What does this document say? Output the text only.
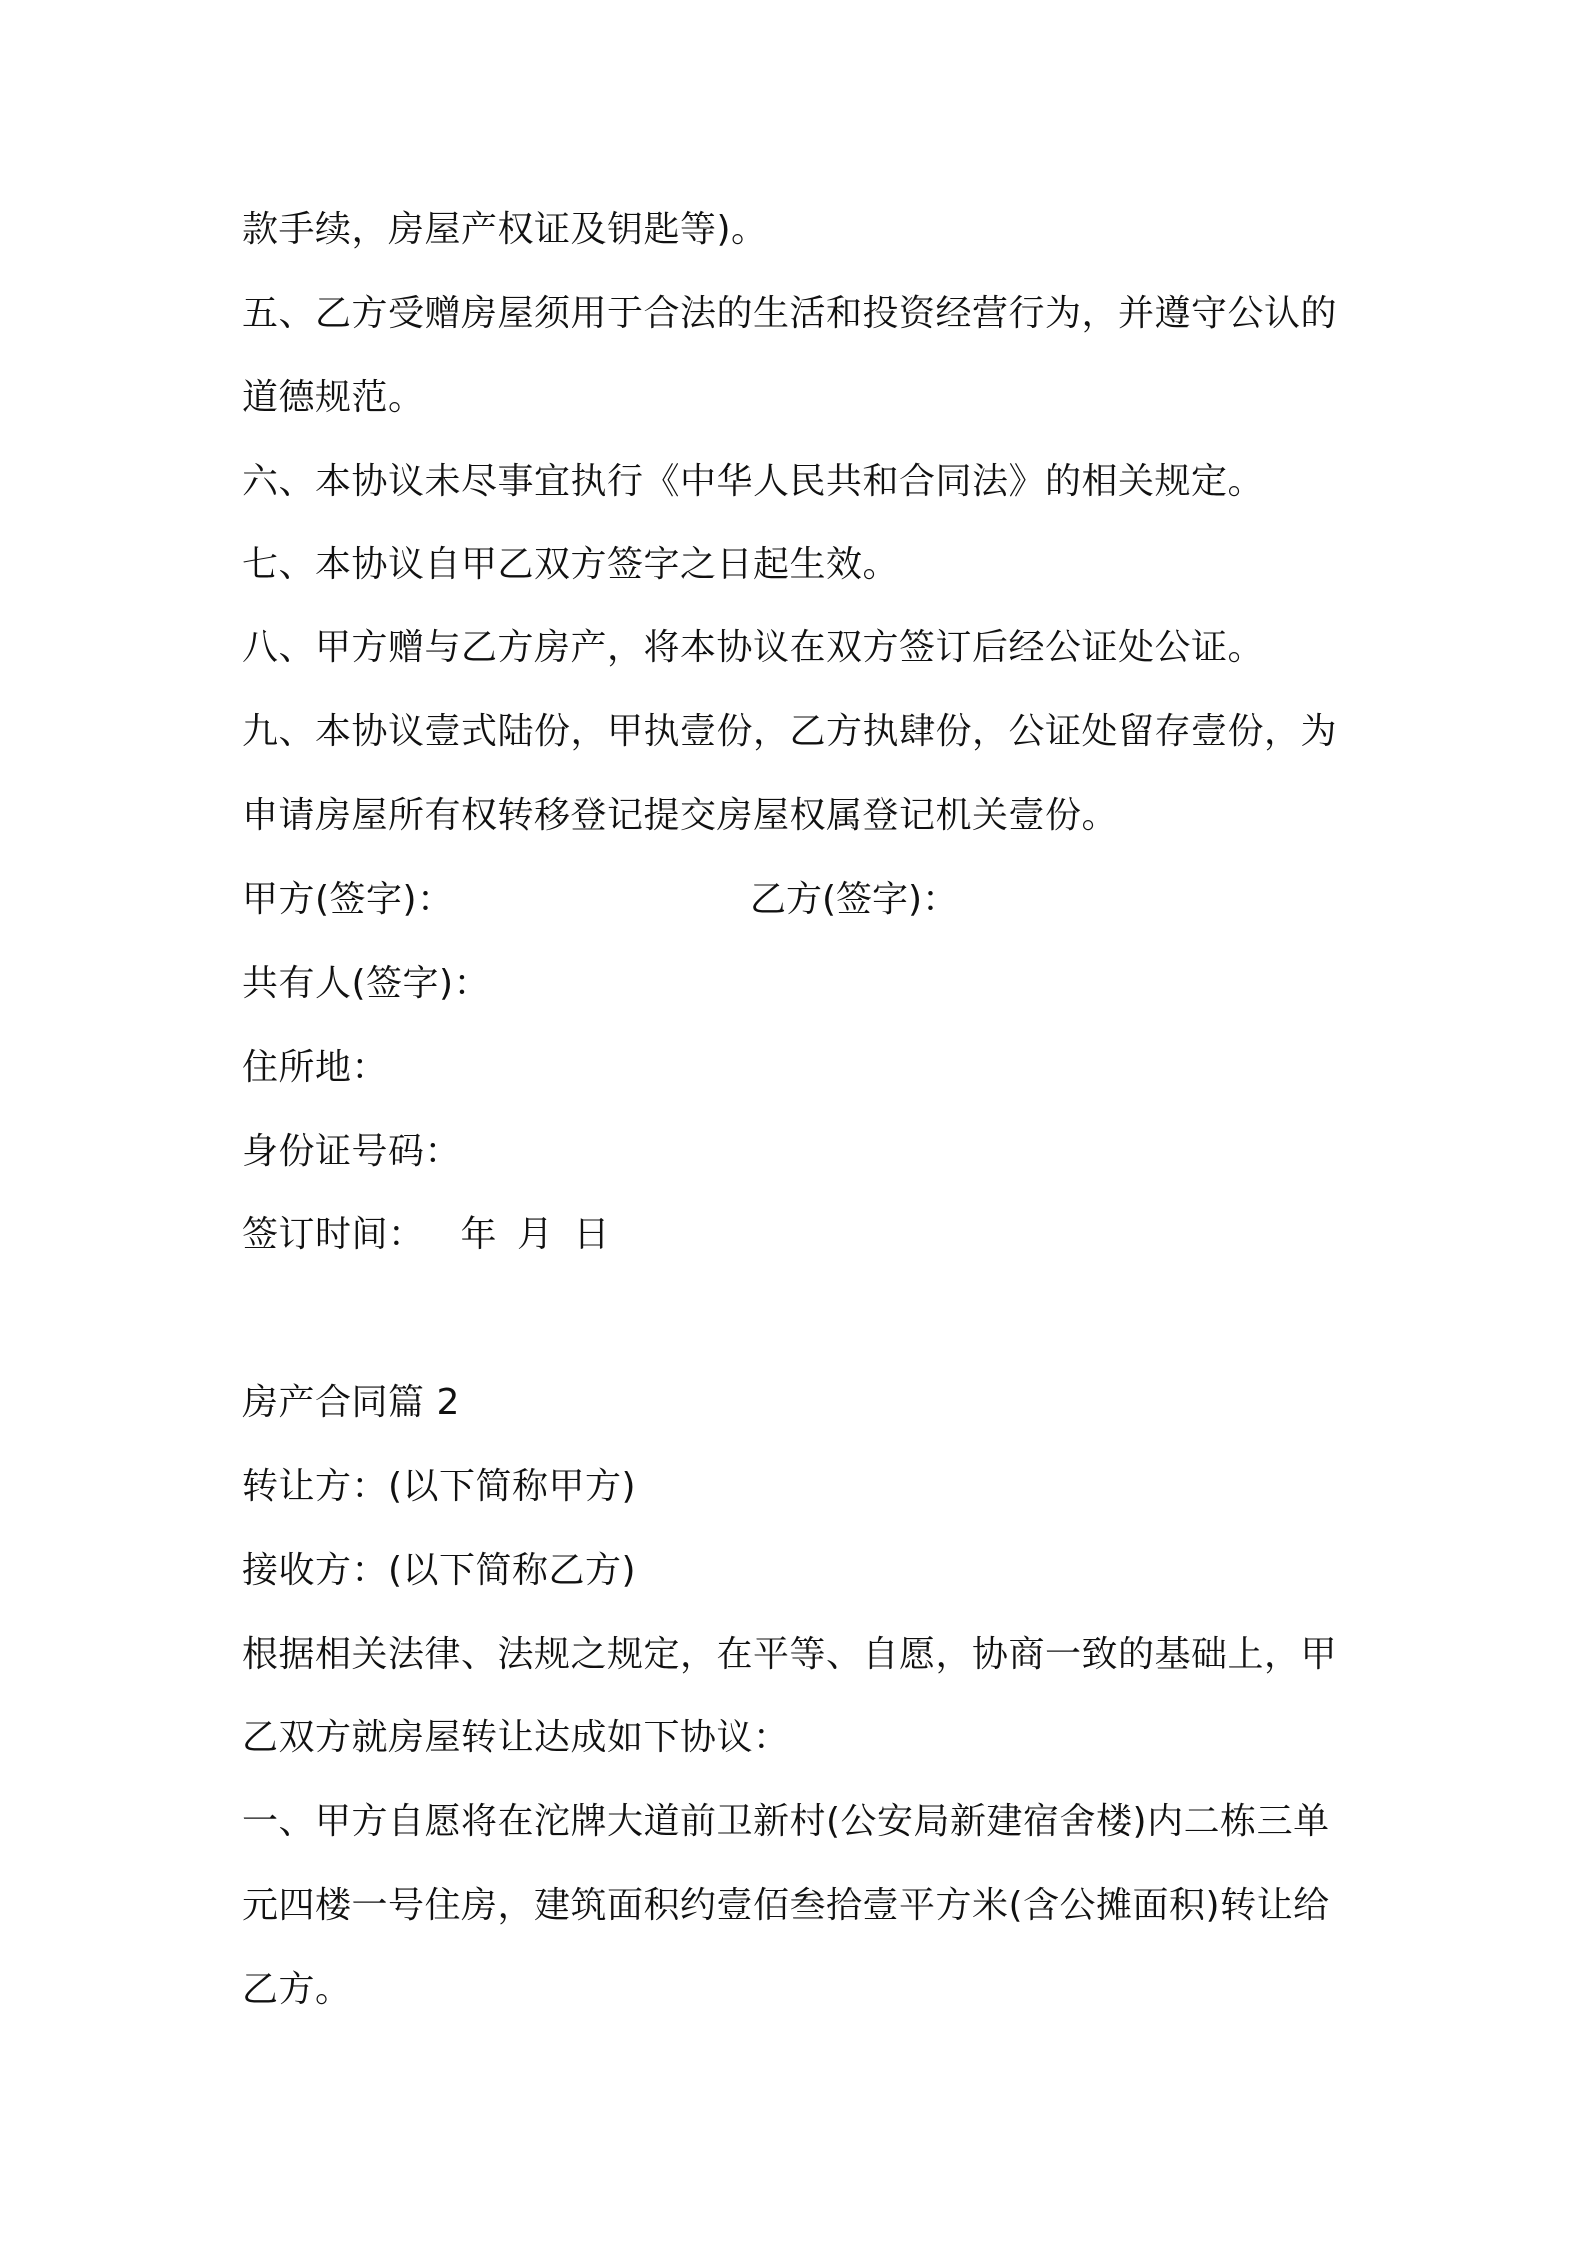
款手续，房屋产权证及钥匙等)。

五、乙方受赠房屋须用于合法的生活和投资经营行为，并遵守公认的

道德规范。

六、本协议未尽事宜执行《中华人民共和合同法》的相关规定。

七、本协议自甲乙双方签字之日起生效。

八、甲方赠与乙方房产，将本协议在双方签订后经公证处公证。

九、本协议壹式陆份，甲执壹份，乙方执肆份，公证处留存壹份，为

申请房屋所有权转移登记提交房屋权属登记机关壹份。

甲方(签字)：	乙方(签字)：

共有人(签字)：

住所地：

身份证号码：

签订时间： 年 月 日

房产合同篇 2

转让方：(以下简称甲方)

接收方：(以下简称乙方)

根据相关法律、法规之规定，在平等、自愿，协商一致的基础上，甲

乙双方就房屋转让达成如下协议：

一、甲方自愿将在沱牌大道前卫新村(公安局新建宿舍楼)内二栋三单

元四楼一号住房，建筑面积约壹佰叁拾壹平方米(含公摊面积)转让给

乙方。
